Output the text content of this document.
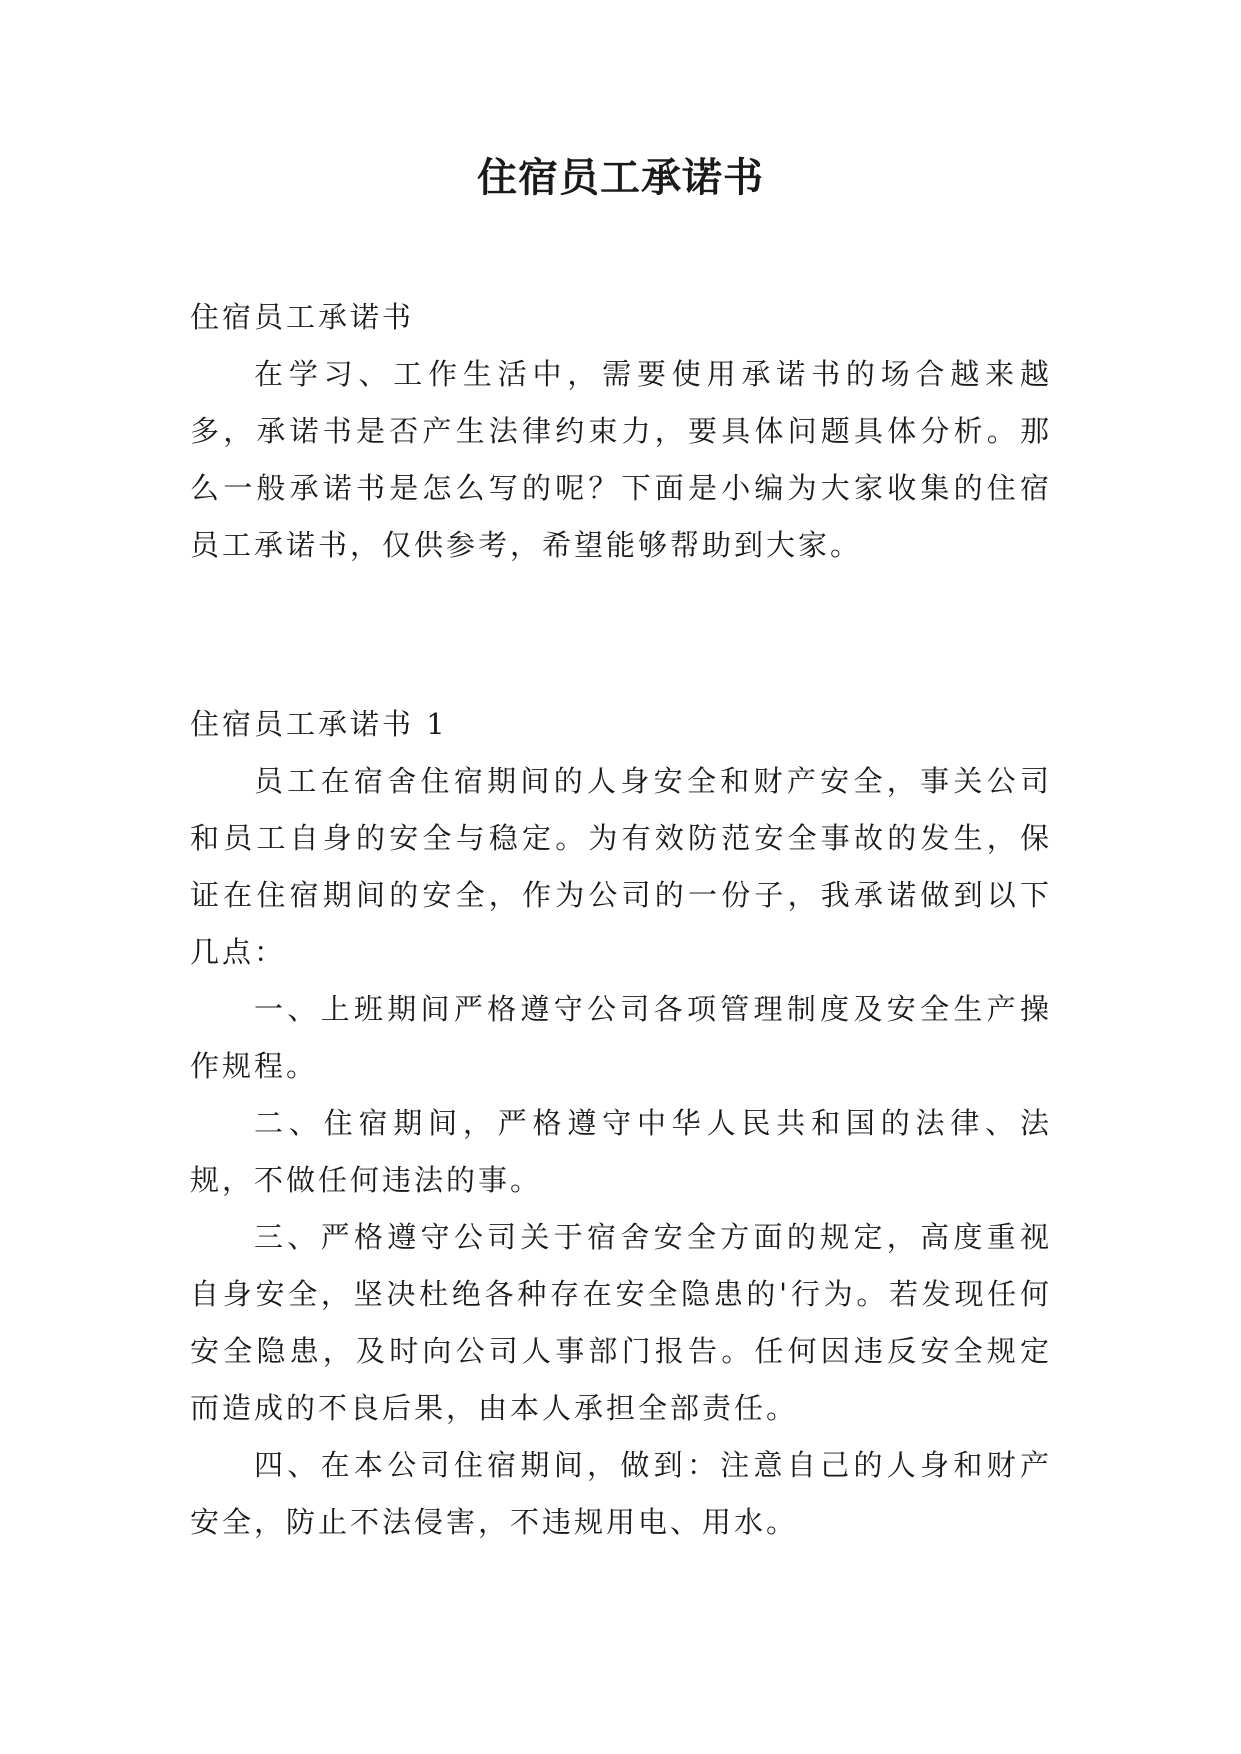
住宿员工承诺书

住宿员工承诺书

在学习、工作生活中，需要使用承诺书的场合越来越多，承诺书是否产生法律约束力，要具体问题具体分析。那么一般承诺书是怎么写的呢？下面是小编为大家收集的住宿员工承诺书，仅供参考，希望能够帮助到大家。

住宿员工承诺书 1

员工在宿舍住宿期间的人身安全和财产安全，事关公司和员工自身的安全与稳定。为有效防范安全事故的发生，保证在住宿期间的安全，作为公司的一份子，我承诺做到以下几点：

一、上班期间严格遵守公司各项管理制度及安全生产操作规程。

二、住宿期间，严格遵守中华人民共和国的法律、法规，不做任何违法的事。

三、严格遵守公司关于宿舍安全方面的规定，高度重视自身安全，坚决杜绝各种存在安全隐患的'行为。若发现任何安全隐患，及时向公司人事部门报告。任何因违反安全规定而造成的不良后果，由本人承担全部责任。

四、在本公司住宿期间，做到：注意自己的人身和财产安全，防止不法侵害，不违规用电、用水。
